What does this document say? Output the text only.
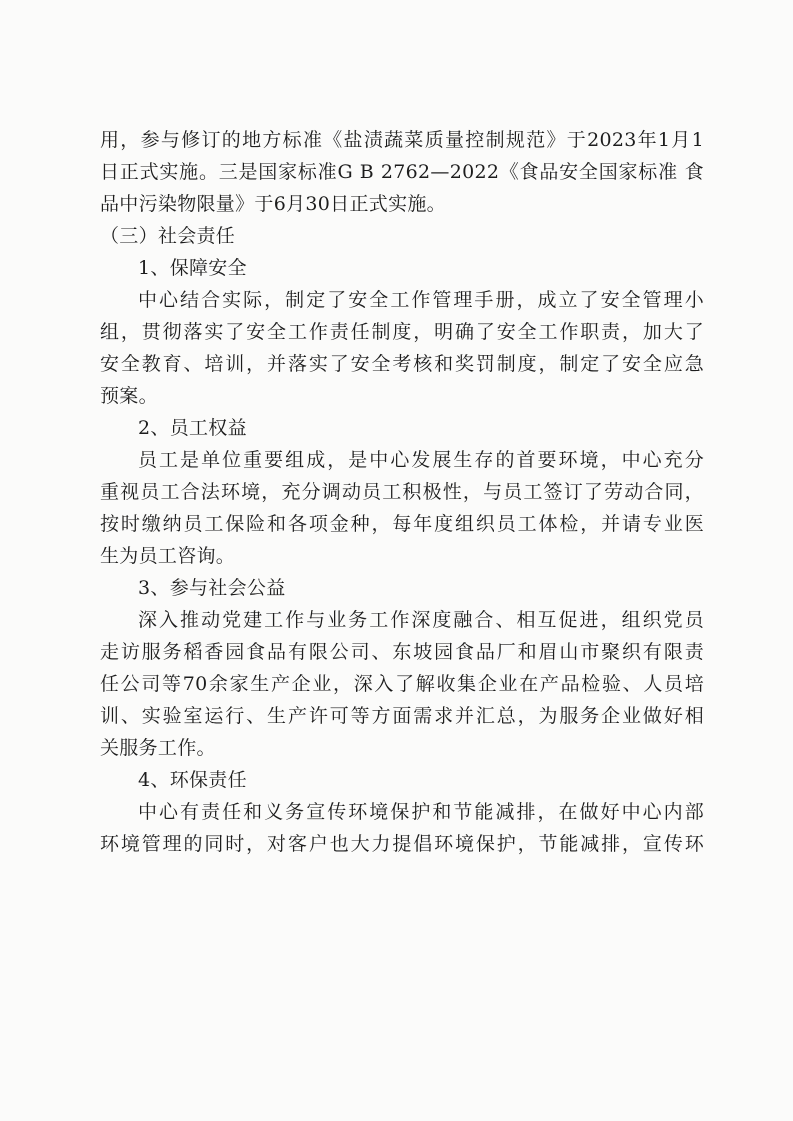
用，参与修订的地方标准《盐渍蔬菜质量控制规范》于2023年1月1
日正式实施。三是国家标准G B 2762—2022《食品安全国家标准 食
品中污染物限量》于6月30日正式实施。
（三）社会责任
1、保障安全
中心结合实际，制定了安全工作管理手册，成立了安全管理小
组，贯彻落实了安全工作责任制度，明确了安全工作职责，加大了
安全教育、培训，并落实了安全考核和奖罚制度，制定了安全应急
预案。
2、员工权益
员工是单位重要组成，是中心发展生存的首要环境，中心充分
重视员工合法环境，充分调动员工积极性，与员工签订了劳动合同，
按时缴纳员工保险和各项金种，每年度组织员工体检，并请专业医
生为员工咨询。
3、参与社会公益
深入推动党建工作与业务工作深度融合、相互促进，组织党员
走访服务稻香园食品有限公司、东坡园食品厂和眉山市聚织有限责
任公司等70余家生产企业，深入了解收集企业在产品检验、人员培
训、实验室运行、生产许可等方面需求并汇总，为服务企业做好相
关服务工作。
4、环保责任
中心有责任和义务宣传环境保护和节能减排，在做好中心内部
环境管理的同时，对客户也大力提倡环境保护，节能减排，宣传环
